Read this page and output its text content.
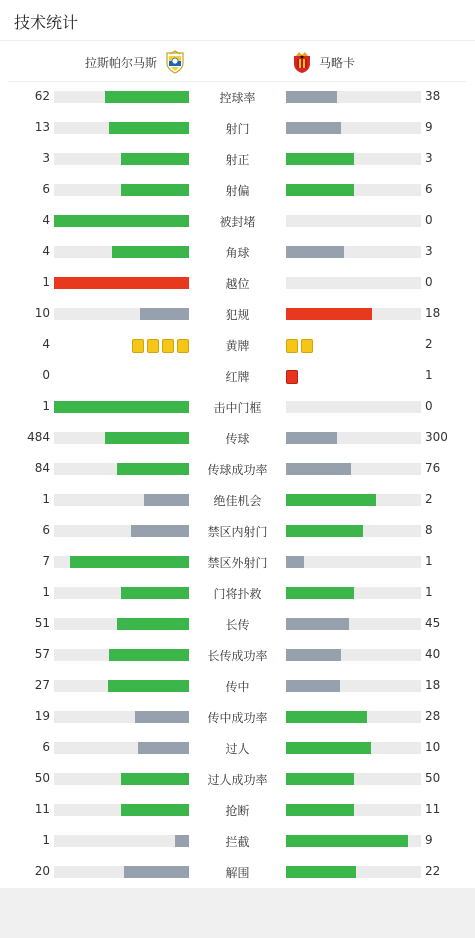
技术统计
拉斯帕尔马斯	马略卡
62	控球率	38
13	射门	9
3	射正	3
6	射偏	6
4	被封堵	0
4	角球	3
1	越位	0
10	犯规	18
4	黄牌	2
0	红牌	1
1	击中门框	0
484	传球	300
84	传球成功率	76
1	绝佳机会	2
6	禁区内射门	8
7	禁区外射门	1
1	门将扑救	1
51	长传	45
57	长传成功率	40
27	传中	18
19	传中成功率	28
6	过人	10
50	过人成功率	50
11	抢断	11
1	拦截	9
20	解围	22
